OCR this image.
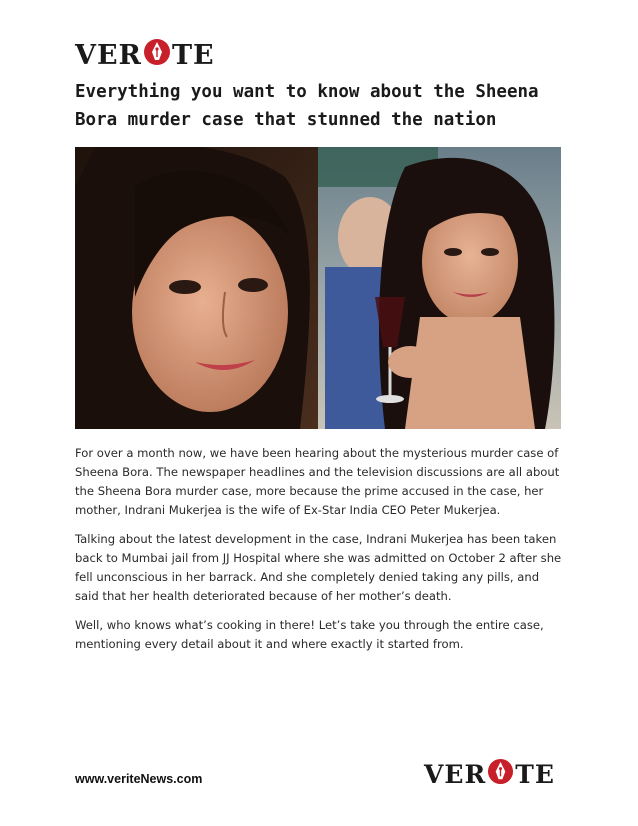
VER TE
Everything you want to know about the Sheena Bora murder case that stunned the nation

For over a month now, we have been hearing about the mysterious murder case of Sheena Bora. The newspaper headlines and the television discussions are all about the Sheena Bora murder case, more because the prime accused in the case, her mother, Indrani Mukerjea is the wife of Ex-Star India CEO Peter Mukerjea.

Talking about the latest development in the case, Indrani Mukerjea has been taken back to Mumbai jail from JJ Hospital where she was admitted on October 2 after she fell unconscious in her barrack. And she completely denied taking any pills, and said that her health deteriorated because of her mother’s death.

Well, who knows what’s cooking in there! Let’s take you through the entire case, mentioning every detail about it and where exactly it started from.

www.veriteNews.com	VER TE
